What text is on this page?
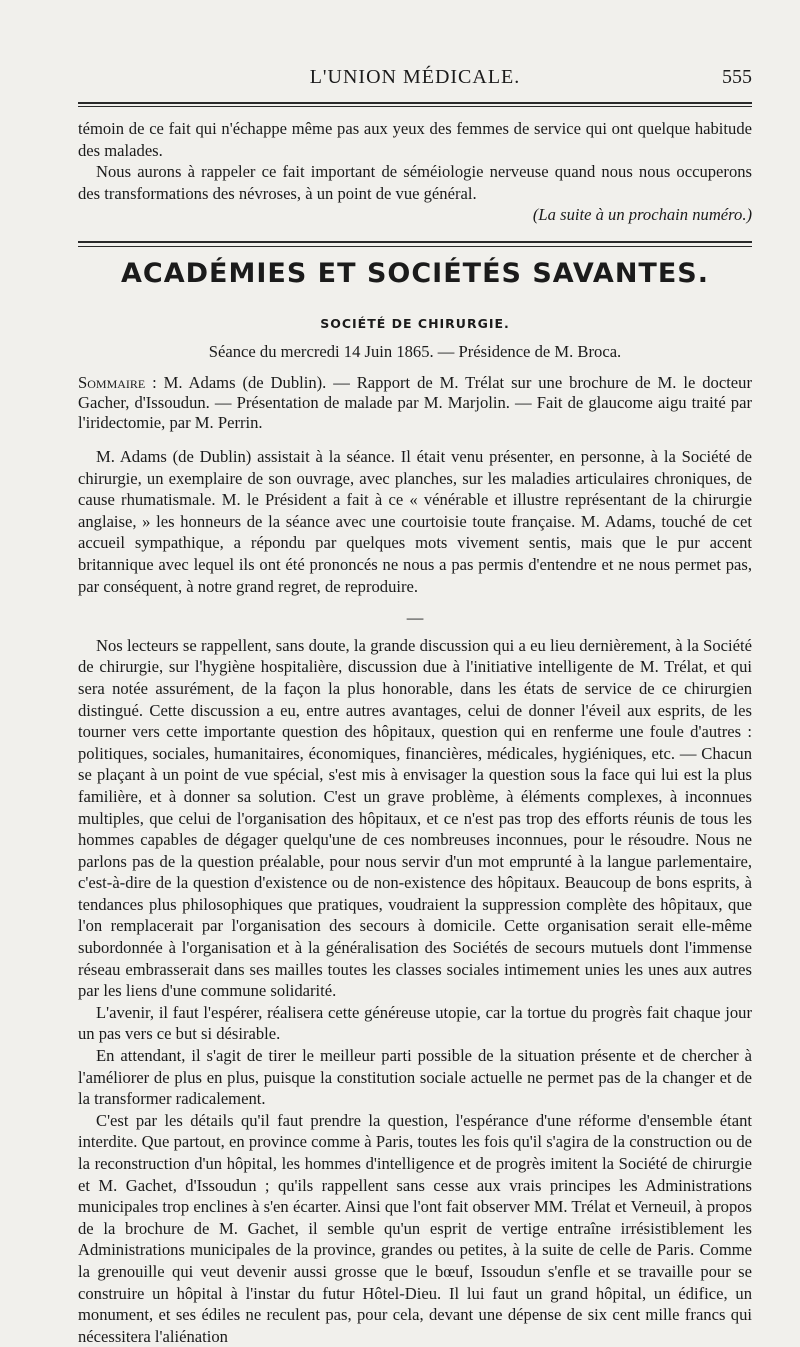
L'UNION MÉDICALE.	555

témoin de ce fait qui n'échappe même pas aux yeux des femmes de service qui ont quelque habitude des malades.

Nous aurons à rappeler ce fait important de séméiologie nerveuse quand nous nous occuperons des transformations des névroses, à un point de vue général.

(La suite à un prochain numéro.)

ACADÉMIES ET SOCIÉTÉS SAVANTES.
SOCIÉTÉ DE CHIRURGIE.
Séance du mercredi 14 Juin 1865. — Présidence de M. Broca.
Sommaire : M. Adams (de Dublin). — Rapport de M. Trélat sur une brochure de M. le docteur Gacher, d'Issoudun. — Présentation de malade par M. Marjolin. — Fait de glaucome aigu traité par l'iridectomie, par M. Perrin.

M. Adams (de Dublin) assistait à la séance. Il était venu présenter, en personne, à la Société de chirurgie, un exemplaire de son ouvrage, avec planches, sur les maladies articulaires chroniques, de cause rhumatismale. M. le Président a fait à ce « vénérable et illustre représentant de la chirurgie anglaise, » les honneurs de la séance avec une courtoisie toute française. M. Adams, touché de cet accueil sympathique, a répondu par quelques mots vivement sentis, mais que le pur accent britannique avec lequel ils ont été prononcés ne nous a pas permis d'entendre et ne nous permet pas, par conséquent, à notre grand regret, de reproduire.

—

Nos lecteurs se rappellent, sans doute, la grande discussion qui a eu lieu dernièrement, à la Société de chirurgie, sur l'hygiène hospitalière, discussion due à l'initiative intelligente de M. Trélat, et qui sera notée assurément, de la façon la plus honorable, dans les états de service de ce chirurgien distingué. Cette discussion a eu, entre autres avantages, celui de donner l'éveil aux esprits, de les tourner vers cette importante question des hôpitaux, question qui en renferme une foule d'autres : politiques, sociales, humanitaires, économiques, financières, médicales, hygiéniques, etc. — Chacun se plaçant à un point de vue spécial, s'est mis à envisager la question sous la face qui lui est la plus familière, et à donner sa solution. C'est un grave problème, à éléments complexes, à inconnues multiples, que celui de l'organisation des hôpitaux, et ce n'est pas trop des efforts réunis de tous les hommes capables de dégager quelqu'une de ces nombreuses inconnues, pour le résoudre. Nous ne parlons pas de la question préalable, pour nous servir d'un mot emprunté à la langue parlementaire, c'est-à-dire de la question d'existence ou de non-existence des hôpitaux. Beaucoup de bons esprits, à tendances plus philosophiques que pratiques, voudraient la suppression complète des hôpitaux, que l'on remplacerait par l'organisation des secours à domicile. Cette organisation serait elle-même subordonnée à l'organisation et à la généralisation des Sociétés de secours mutuels dont l'immense réseau embrasserait dans ses mailles toutes les classes sociales intimement unies les unes aux autres par les liens d'une commune solidarité.

L'avenir, il faut l'espérer, réalisera cette généreuse utopie, car la tortue du progrès fait chaque jour un pas vers ce but si désirable.

En attendant, il s'agit de tirer le meilleur parti possible de la situation présente et de chercher à l'améliorer de plus en plus, puisque la constitution sociale actuelle ne permet pas de la changer et de la transformer radicalement.

C'est par les détails qu'il faut prendre la question, l'espérance d'une réforme d'ensemble étant interdite. Que partout, en province comme à Paris, toutes les fois qu'il s'agira de la construction ou de la reconstruction d'un hôpital, les hommes d'intelligence et de progrès imitent la Société de chirurgie et M. Gachet, d'Issoudun ; qu'ils rappellent sans cesse aux vrais principes les Administrations municipales trop enclines à s'en écarter. Ainsi que l'ont fait observer MM. Trélat et Verneuil, à propos de la brochure de M. Gachet, il semble qu'un esprit de vertige entraîne irrésistiblement les Administrations municipales de la province, grandes ou petites, à la suite de celle de Paris. Comme la grenouille qui veut devenir aussi grosse que le bœuf, Issoudun s'enfle et se travaille pour se construire un hôpital à l'instar du futur Hôtel-Dieu. Il lui faut un grand hôpital, un édifice, un monument, et ses édiles ne reculent pas, pour cela, devant une dépense de six cent mille francs qui nécessitera l'aliénation
